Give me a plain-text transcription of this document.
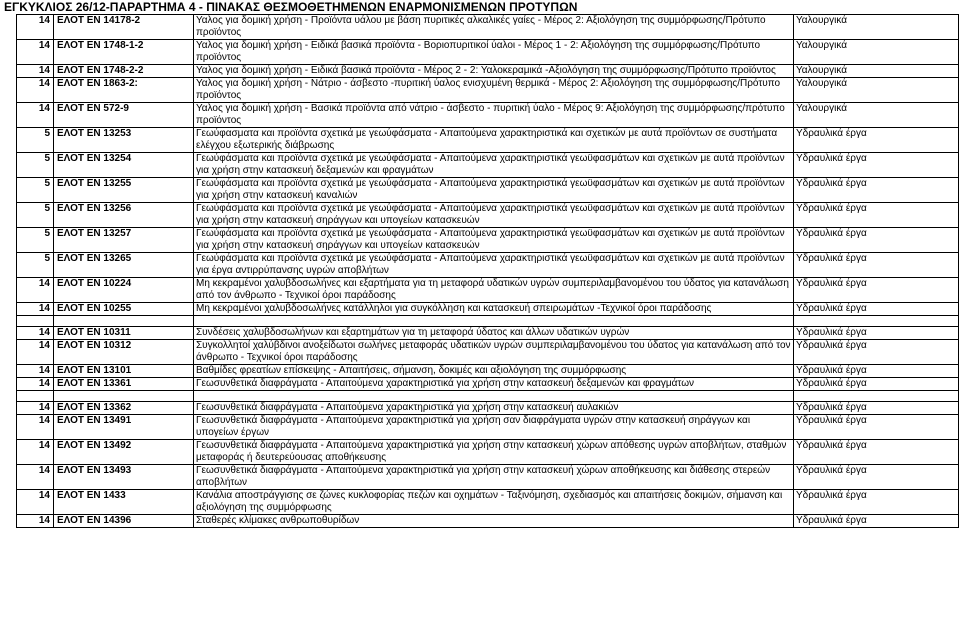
ΕΓΚΥΚΛΙΟΣ 26/12-ΠΑΡΑΡΤΗΜΑ 4 - ΠΙΝΑΚΑΣ ΘΕΣΜΟΘΕΤΗΜΕΝΩΝ ΕΝΑΡΜΟΝΙΣΜΕΝΩΝ ΠΡΟΤΥΠΩΝ
14	ΕΛΟΤ ΕΝ 14178-2	Υαλος για δομική χρήση - Προϊόντα υάλου με βάση πυριτικές αλκαλικές γαίες - Μέρος 2: Αξιολόγηση της συμμόρφωσης/Πρότυπο προϊόντος	Υαλουργικά
14	ΕΛΟΤ ΕΝ 1748-1-2	Υαλος για δομική χρήση - Ειδικά βασικά προϊόντα - Βοριοπυριτικοί ύαλοι - Μέρος 1 - 2: Αξιολόγηση της συμμόρφωσης/Πρότυπο προϊόντος	Υαλουργικά
14	ΕΛΟΤ ΕΝ 1748-2-2	Υαλος για δομική χρήση - Ειδικά βασικά προϊόντα - Μέρος 2 - 2: Υαλοκεραμικά -Αξιολόγηση της συμμόρφωσης/Πρότυπο προϊόντος	Υαλουργικά
14	ΕΛΟΤ ΕΝ 1863-2:	Υαλος για δομική χρήση - Νάτριο - άσβεστο -πυριτική ύαλος ενισχυμένη θερμικά - Μέρος 2: Αξιολόγηση της συμμόρφωσης/Πρότυπο προϊόντος	Υαλουργικά
14	ΕΛΟΤ ΕΝ 572-9	Υαλος για δομική χρήση - Βασικά προϊόντα από νάτριο - άσβεστο - πυριτική ύαλο - Μέρος 9: Αξιολόγηση της συμμόρφωσης/πρότυπο προϊόντος	Υαλουργικά
5	ΕΛΟΤ ΕΝ 13253	Γεωύφασματα και προϊόντα σχετικά με γεωύφάσματα - Απαιτούμενα χαρακτηριστικά και σχετικών με αυτά προϊόντων σε συστήματα ελέγχου εξωτερικής διάβρωσης	Υδραυλικά έργα
5	ΕΛΟΤ ΕΝ 13254	Γεωύφάσματα και προϊόντα σχετικά με γεωύφάσματα - Απαιτούμενα χαρακτηριστικά γεωϋφασμάτων και σχετικών με αυτά προϊόντων για χρήση στην κατασκευή δεξαμενών και φραγμάτων	Υδραυλικά έργα
5	ΕΛΟΤ ΕΝ 13255	Γεωύφάσματα και προϊόντα σχετικά με γεωύφάσματα - Απαιτούμενα χαρακτηριστικά γεωϋφασμάτων και σχετικών με αυτά προϊόντων για χρήση στην κατασκευή καναλιών	Υδραυλικά έργα
5	ΕΛΟΤ ΕΝ 13256	Γεωύφάσματα και προϊόντα σχετικά με γεωύφάσματα - Απαιτούμενα χαρακτηριστικά γεωϋφασμάτων και σχετικών με αυτά προϊόντων για χρήση στην κατασκευή σηράγγων και υπογείων κατασκευών	Υδραυλικά έργα
5	ΕΛΟΤ ΕΝ 13257	Γεωύφάσματα και προϊόντα σχετικά με γεωύφάσματα - Απαιτούμενα χαρακτηριστικά γεωϋφασμάτων και σχετικών με αυτά προϊόντων για χρήση στην κατασκευή σηράγγων και υπογείων κατασκευών	Υδραυλικά έργα
5	ΕΛΟΤ ΕΝ 13265	Γεωύφάσματα και προϊόντα σχετικά με γεωύφάσματα - Απαιτούμενα χαρακτηριστικά γεωϋφασμάτων και σχετικών με αυτά προϊόντων για έργα αντιρρύπανσης υγρών αποβλήτων	Υδραυλικά έργα
14	ΕΛΟΤ ΕΝ 10224	Μη κεκραμένοι χαλυβδοσωλήνες και εξαρτήματα για τη μεταφορά υδατικών υγρών συμπεριλαμβανομένου του ύδατος για κατανάλωση από τον άνθρωπο - Τεχνικοί όροι παράδοσης	Υδραυλικά έργα
14	ΕΛΟΤ ΕΝ 10255	Μη κεκραμένοι χαλυβδοσωλήνες κατάλληλοι για συγκόλληση και κατασκευή σπειρωμάτων -Τεχνικοί όροι παράδοσης	Υδραυλικά έργα

14	ΕΛΟΤ ΕΝ 10311	Συνδέσεις χαλυβδοσωλήνων και εξαρτημάτων για τη μεταφορά ύδατος και άλλων υδατικών υγρών	Υδραυλικά έργα
14	ΕΛΟΤ ΕΝ 10312	Συγκολλητοί χαλύβδινοι ανοξείδωτοι σωλήνες μεταφοράς υδατικών υγρών συμπεριλαμβανομένου του ύδατος για κατανάλωση από τον άνθρωπο - Τεχνικοί όροι παράδοσης	Υδραυλικά έργα
14	ΕΛΟΤ ΕΝ 13101	Βαθμίδες φρεατίων επίσκεψης - Απαιτήσεις, σήμανση, δοκιμές και αξιολόγηση της συμμόρφωσης	Υδραυλικά έργα
14	ΕΛΟΤ ΕΝ 13361	Γεωσυνθετικά διαφράγματα - Απαιτούμενα χαρακτηριστικά για χρήση στην κατασκευή δεξαμενών και φραγμάτων	Υδραυλικά έργα

14	ΕΛΟΤ ΕΝ 13362	Γεωσυνθετικά διαφράγματα - Απαιτούμενα χαρακτηριστικά για χρήση στην κατασκευή αυλακιών	Υδραυλικά έργα
14	ΕΛΟΤ ΕΝ 13491	Γεωσυνθετικά διαφράγματα - Απαιτούμενα χαρακτηριστικά για χρήση σαν διαφράγματα υγρών στην κατασκευή σηράγγων και υπογείων έργων	Υδραυλικά έργα
14	ΕΛΟΤ ΕΝ 13492	Γεωσυνθετικά διαφράγματα - Απαιτούμενα χαρακτηριστικά για χρήση στην κατασκευή χώρων απόθεσης υγρών αποβλήτων, σταθμών μεταφοράς ή δευτερεύουσας αποθήκευσης	Υδραυλικά έργα
14	ΕΛΟΤ ΕΝ 13493	Γεωσυνθετικά διαφράγματα - Απαιτούμενα χαρακτηριστικά για χρήση στην κατασκευή χώρων αποθήκευσης και διάθεσης στερεών αποβλήτων	Υδραυλικά έργα
14	ΕΛΟΤ ΕΝ 1433	Κανάλια αποστράγγισης σε ζώνες κυκλοφορίας πεζών και οχημάτων - Ταξινόμηση, σχεδιασμός και απαιτήσεις δοκιμών, σήμανση και αξιολόγηση της συμμόρφωσης	Υδραυλικά έργα
14	ΕΛΟΤ ΕΝ 14396	Σταθερές κλίμακες ανθρωποθυρίδων	Υδραυλικά έργα
